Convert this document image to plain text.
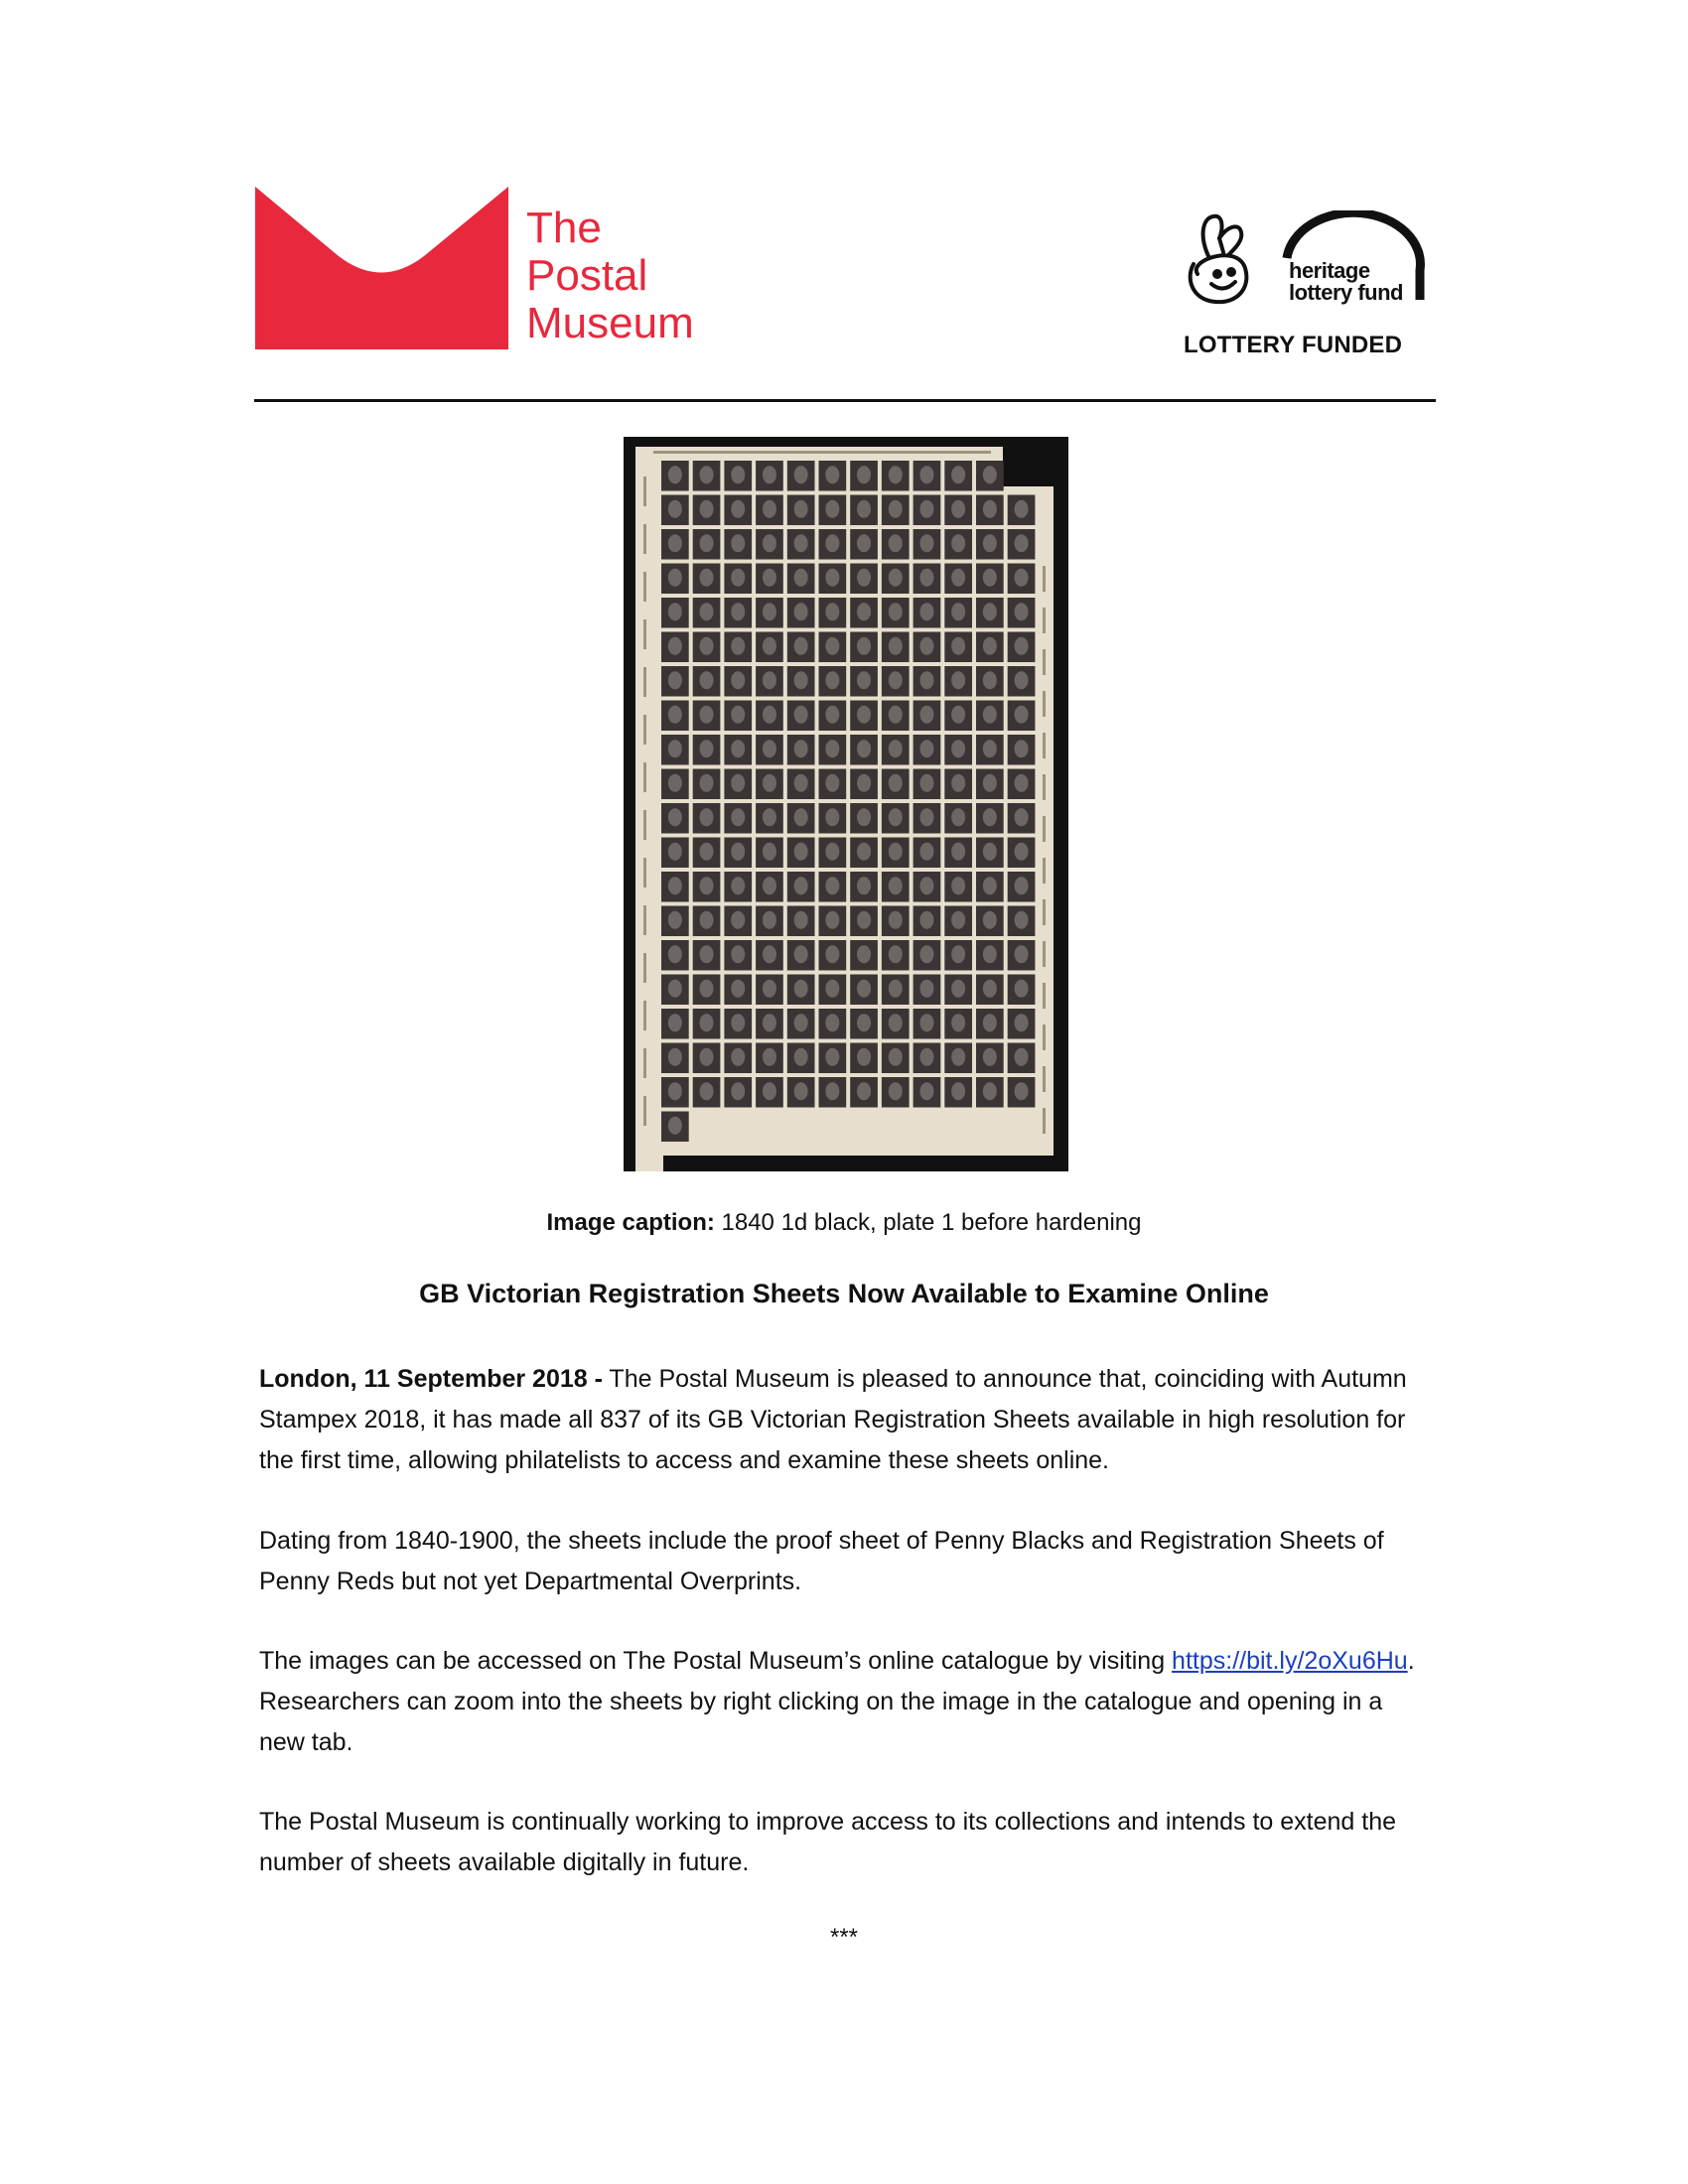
The
Postal
Museum
heritage
lottery fund
LOTTERY FUNDED
Image caption: 1840 1d black, plate 1 before hardening
GB Victorian Registration Sheets Now Available to Examine Online
London, 11 September 2018 - The Postal Museum is pleased to announce that, coinciding with Autumn Stampex 2018, it has made all 837 of its GB Victorian Registration Sheets available in high resolution for the first time, allowing philatelists to access and examine these sheets online.
Dating from 1840-1900, the sheets include the proof sheet of Penny Blacks and Registration Sheets of Penny Reds but not yet Departmental Overprints.
The images can be accessed on The Postal Museum’s online catalogue by visiting https://bit.ly/2oXu6Hu. Researchers can zoom into the sheets by right clicking on the image in the catalogue and opening in a new tab.
The Postal Museum is continually working to improve access to its collections and intends to extend the number of sheets available digitally in future.
***
